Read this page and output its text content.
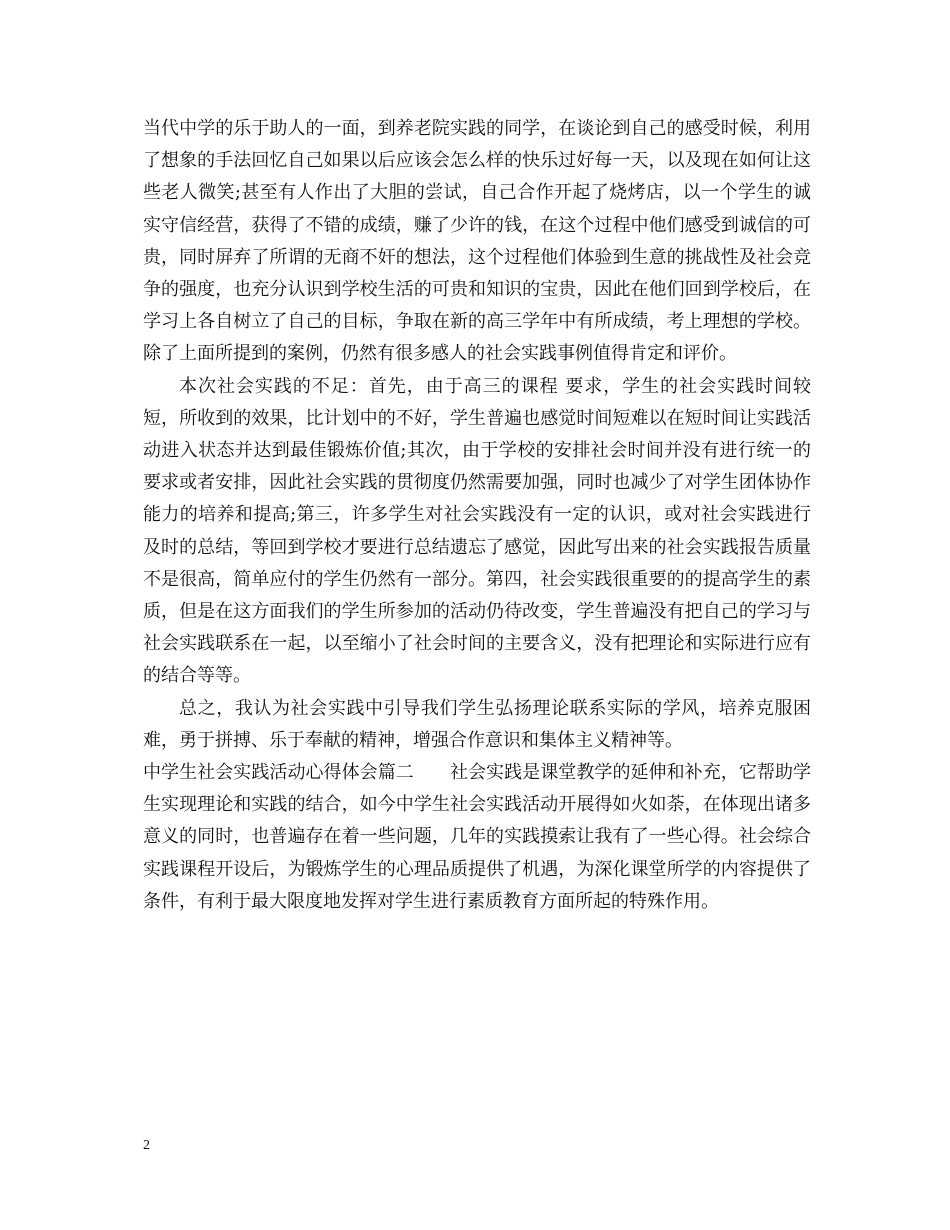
当代中学的乐于助人的一面，到养老院实践的同学，在谈论到自己的感受时候，利用了想象的手法回忆自己如果以后应该会怎么样的快乐过好每一天，以及现在如何让这些老人微笑;甚至有人作出了大胆的尝试，自己合作开起了烧烤店，以一个学生的诚实守信经营，获得了不错的成绩，赚了少许的钱，在这个过程中他们感受到诚信的可贵，同时屏弃了所谓的无商不奸的想法，这个过程他们体验到生意的挑战性及社会竞争的强度，也充分认识到学校生活的可贵和知识的宝贵，因此在他们回到学校后，在学习上各自树立了自己的目标，争取在新的高三学年中有所成绩，考上理想的学校。除了上面所提到的案例，仍然有很多感人的社会实践事例值得肯定和评价。

本次社会实践的不足：首先，由于高三的课程 要求，学生的社会实践时间较短，所收到的效果，比计划中的不好，学生普遍也感觉时间短难以在短时间让实践活动进入状态并达到最佳锻炼价值;其次，由于学校的安排社会时间并没有进行统一的要求或者安排，因此社会实践的贯彻度仍然需要加强，同时也减少了对学生团体协作能力的培养和提高;第三，许多学生对社会实践没有一定的认识，或对社会实践进行及时的总结，等回到学校才要进行总结遗忘了感觉，因此写出来的社会实践报告质量不是很高，简单应付的学生仍然有一部分。第四，社会实践很重要的的提高学生的素质，但是在这方面我们的学生所参加的活动仍待改变，学生普遍没有把自己的学习与社会实践联系在一起，以至缩小了社会时间的主要含义，没有把理论和实际进行应有的结合等等。

总之，我认为社会实践中引导我们学生弘扬理论联系实际的学风，培养克服困难，勇于拼搏、乐于奉献的精神，增强合作意识和集体主义精神等。

中学生社会实践活动心得体会篇二　　社会实践是课堂教学的延伸和补充，它帮助学生实现理论和实践的结合，如今中学生社会实践活动开展得如火如荼，在体现出诸多意义的同时，也普遍存在着一些问题，几年的实践摸索让我有了一些心得。社会综合实践课程开设后，为锻炼学生的心理品质提供了机遇，为深化课堂所学的内容提供了条件，有利于最大限度地发挥对学生进行素质教育方面所起的特殊作用。

2
